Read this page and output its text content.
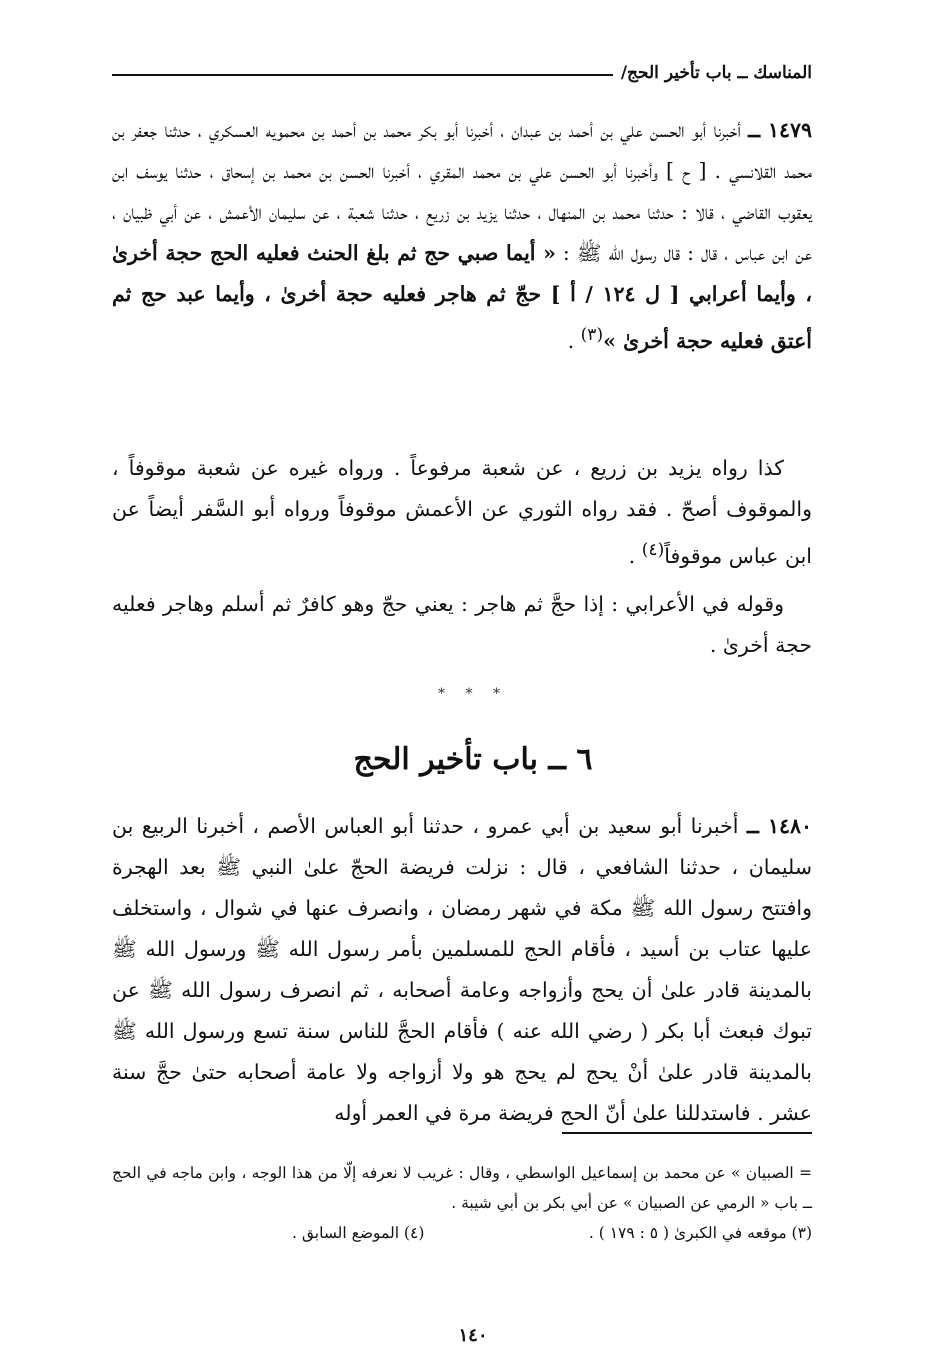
المناسك ــ باب تأخير الحج/

١٤٧٩ ــ أخبرنا أبو الحسن علي بن أحمد بن عبدان ، أخبرنا أبو بكر محمد بن أحمد بن محمويه العسكري ، حدثنا جعفر بن محمد القلانسي . [ ح ] وأخبرنا أبو الحسن علي بن محمد المقري ، أخبرنا الحسن بن محمد بن إسحاق ، حدثنا يوسف ابن يعقوب القاضي ، قالا : حدثنا محمد بن المنهال ، حدثنا يزيد بن زريع ، حدثنا شعبة ، عن سليمان الأعمش ، عن أبي ظبيان ، عن ابن عباس ، قال : قال رسول الله ﷺ : « أيما صبي حج ثم بلغ الحنث فعليه الحج حجة أخرىٰ ، وأيما أعرابي [ ل ١٢٤ / أ ] حجّ ثم هاجر فعليه حجة أخرىٰ ، وأيما عبد حج ثم أعتق فعليه حجة أخرىٰ »$^{(٣)}$ .

كذا رواه يزيد بن زريع ، عن شعبة مرفوعاً . ورواه غيره عن شعبة موقوفاً ، والموقوف أصحّ . فقد رواه الثوري عن الأعمش موقوفاً ورواه أبو السَّفر أيضاً عن ابن عباس موقوفاً$^{(٤)}$ .

وقوله في الأعرابي : إذا حجَّ ثم هاجر : يعني حجّ وهو كافرٌ ثم أسلم وهاجر فعليه حجة أخرىٰ .

* * *
٦ ــ باب تأخير الحج

١٤٨٠ ــ أخبرنا أبو سعيد بن أبي عمرو ، حدثنا أبو العباس الأصم ، أخبرنا الربيع بن سليمان ، حدثنا الشافعي ، قال : نزلت فريضة الحجّ علىٰ النبي ﷺ بعد الهجرة وافتتح رسول الله ﷺ مكة في شهر رمضان ، وانصرف عنها في شوال ، واستخلف عليها عتاب بن أسيد ، فأقام الحج للمسلمين بأمر رسول الله ﷺ ورسول الله ﷺ بالمدينة قادر علىٰ أن يحج وأزواجه وعامة أصحابه ، ثم انصرف رسول الله ﷺ عن تبوك فبعث أبا بكر ( رضي الله عنه ) فأقام الحجَّ للناس سنة تسع ورسول الله ﷺ بالمدينة قادر علىٰ أنْ يحج لم يحج هو ولا أزواجه ولا عامة أصحابه حتىٰ حجَّ سنة عشر . فاستدللنا علىٰ أنّ الحج فريضة مرة في العمر أوله

= الصبيان » عن محمد بن إسماعيل الواسطي ، وقال : غريب لا نعرفه إلّا من هذا الوجه ، وابن ماجه في الحج ــ باب « الرمي عن الصبيان » عن أبي بكر بن أبي شيبة .

(٣) موقعه في الكبرىٰ ( ٥ : ١٧٩ ) .
(٤) الموضع السابق .
١٤٠
